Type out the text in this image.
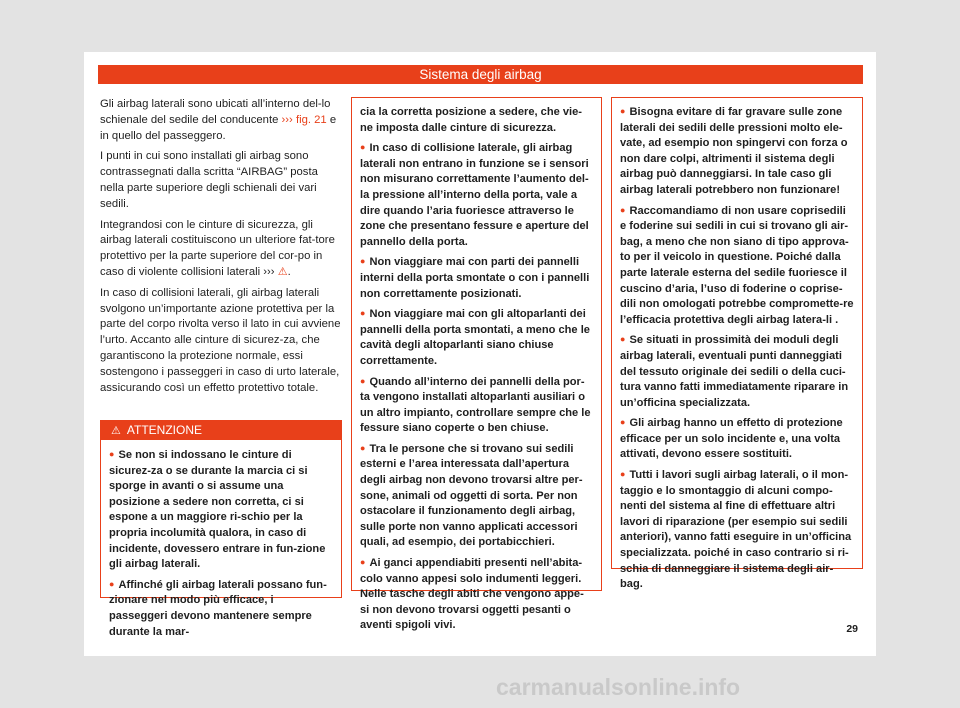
Sistema degli airbag

Gli airbag laterali sono ubicati all’interno del-lo schienale del sedile del conducente ››› fig. 21 e in quello del passeggero.

I punti in cui sono installati gli airbag sono contrassegnati dalla scritta “AIRBAG” posta nella parte superiore degli schienali dei vari sedili.

Integrandosi con le cinture di sicurezza, gli airbag laterali costituiscono un ulteriore fat-tore protettivo per la parte superiore del cor-po in caso di violente collisioni laterali ››› ⚠.

In caso di collisioni laterali, gli airbag laterali svolgono un’importante azione protettiva per la parte del corpo rivolta verso il lato in cui avviene l’urto. Accanto alle cinture di sicurez-za, che garantiscono la protezione normale, essi sostengono i passeggeri in caso di urto laterale, assicurando così un effetto protettivo totale.

⚠ ATTENZIONE
● Se non si indossano le cinture di sicurez-za o se durante la marcia ci si sporge in avanti o si assume una posizione a sedere non corretta, ci si espone a un maggiore ri-schio per la propria incolumità qualora, in caso di incidente, dovessero entrare in fun-zione gli airbag laterali.
● Affinché gli airbag laterali possano fun-zionare nel modo più efficace, i passeggeri devono mantenere sempre durante la mar-
cia la corretta posizione a sedere, che vie-ne imposta dalle cinture di sicurezza.
● In caso di collisione laterale, gli airbag laterali non entrano in funzione se i sensori non misurano correttamente l’aumento del-la pressione all’interno della porta, vale a dire quando l’aria fuoriesce attraverso le zone che presentano fessure e aperture del pannello della porta.
● Non viaggiare mai con parti dei pannelli interni della porta smontate o con i pannelli non correttamente posizionati.
● Non viaggiare mai con gli altoparlanti dei pannelli della porta smontati, a meno che le cavità degli altoparlanti siano chiuse correttamente.
● Quando all’interno dei pannelli della por-ta vengono installati altoparlanti ausiliari o un altro impianto, controllare sempre che le fessure siano coperte o ben chiuse.
● Tra le persone che si trovano sui sedili esterni e l’area interessata dall’apertura degli airbag non devono trovarsi altre per-sone, animali od oggetti di sorta. Per non ostacolare il funzionamento degli airbag, sulle porte non vanno applicati accessori quali, ad esempio, dei portabicchieri.
● Ai ganci appendiabiti presenti nell’abita-colo vanno appesi solo indumenti leggeri. Nelle tasche degli abiti che vengono appe-si non devono trovarsi oggetti pesanti o aventi spigoli vivi.
● Bisogna evitare di far gravare sulle zone laterali dei sedili delle pressioni molto ele-vate, ad esempio non spingervi con forza o non dare colpi, altrimenti il sistema degli airbag può danneggiarsi. In tale caso gli airbag laterali potrebbero non funzionare!
● Raccomandiamo di non usare coprisedili e foderine sui sedili in cui si trovano gli air-bag, a meno che non siano di tipo approva-to per il veicolo in questione. Poiché dalla parte laterale esterna del sedile fuoriesce il cuscino d’aria, l’uso di foderine o coprise-dili non omologati potrebbe compromette-re l’efficacia protettiva degli airbag latera-li .
● Se situati in prossimità dei moduli degli airbag laterali, eventuali punti danneggiati del tessuto originale dei sedili o della cuci-tura vanno fatti immediatamente riparare in un’officina specializzata.
● Gli airbag hanno un effetto di protezione efficace per un solo incidente e, una volta attivati, devono essere sostituiti.
● Tutti i lavori sugli airbag laterali, o il mon-taggio e lo smontaggio di alcuni compo-nenti del sistema al fine di effettuare altri lavori di riparazione (per esempio sui sedili anteriori), vanno fatti eseguire in un’officina specializzata. poiché in caso contrario si ri-schia di danneggiare il sistema degli air-bag.
29
carmanualsonline.info
